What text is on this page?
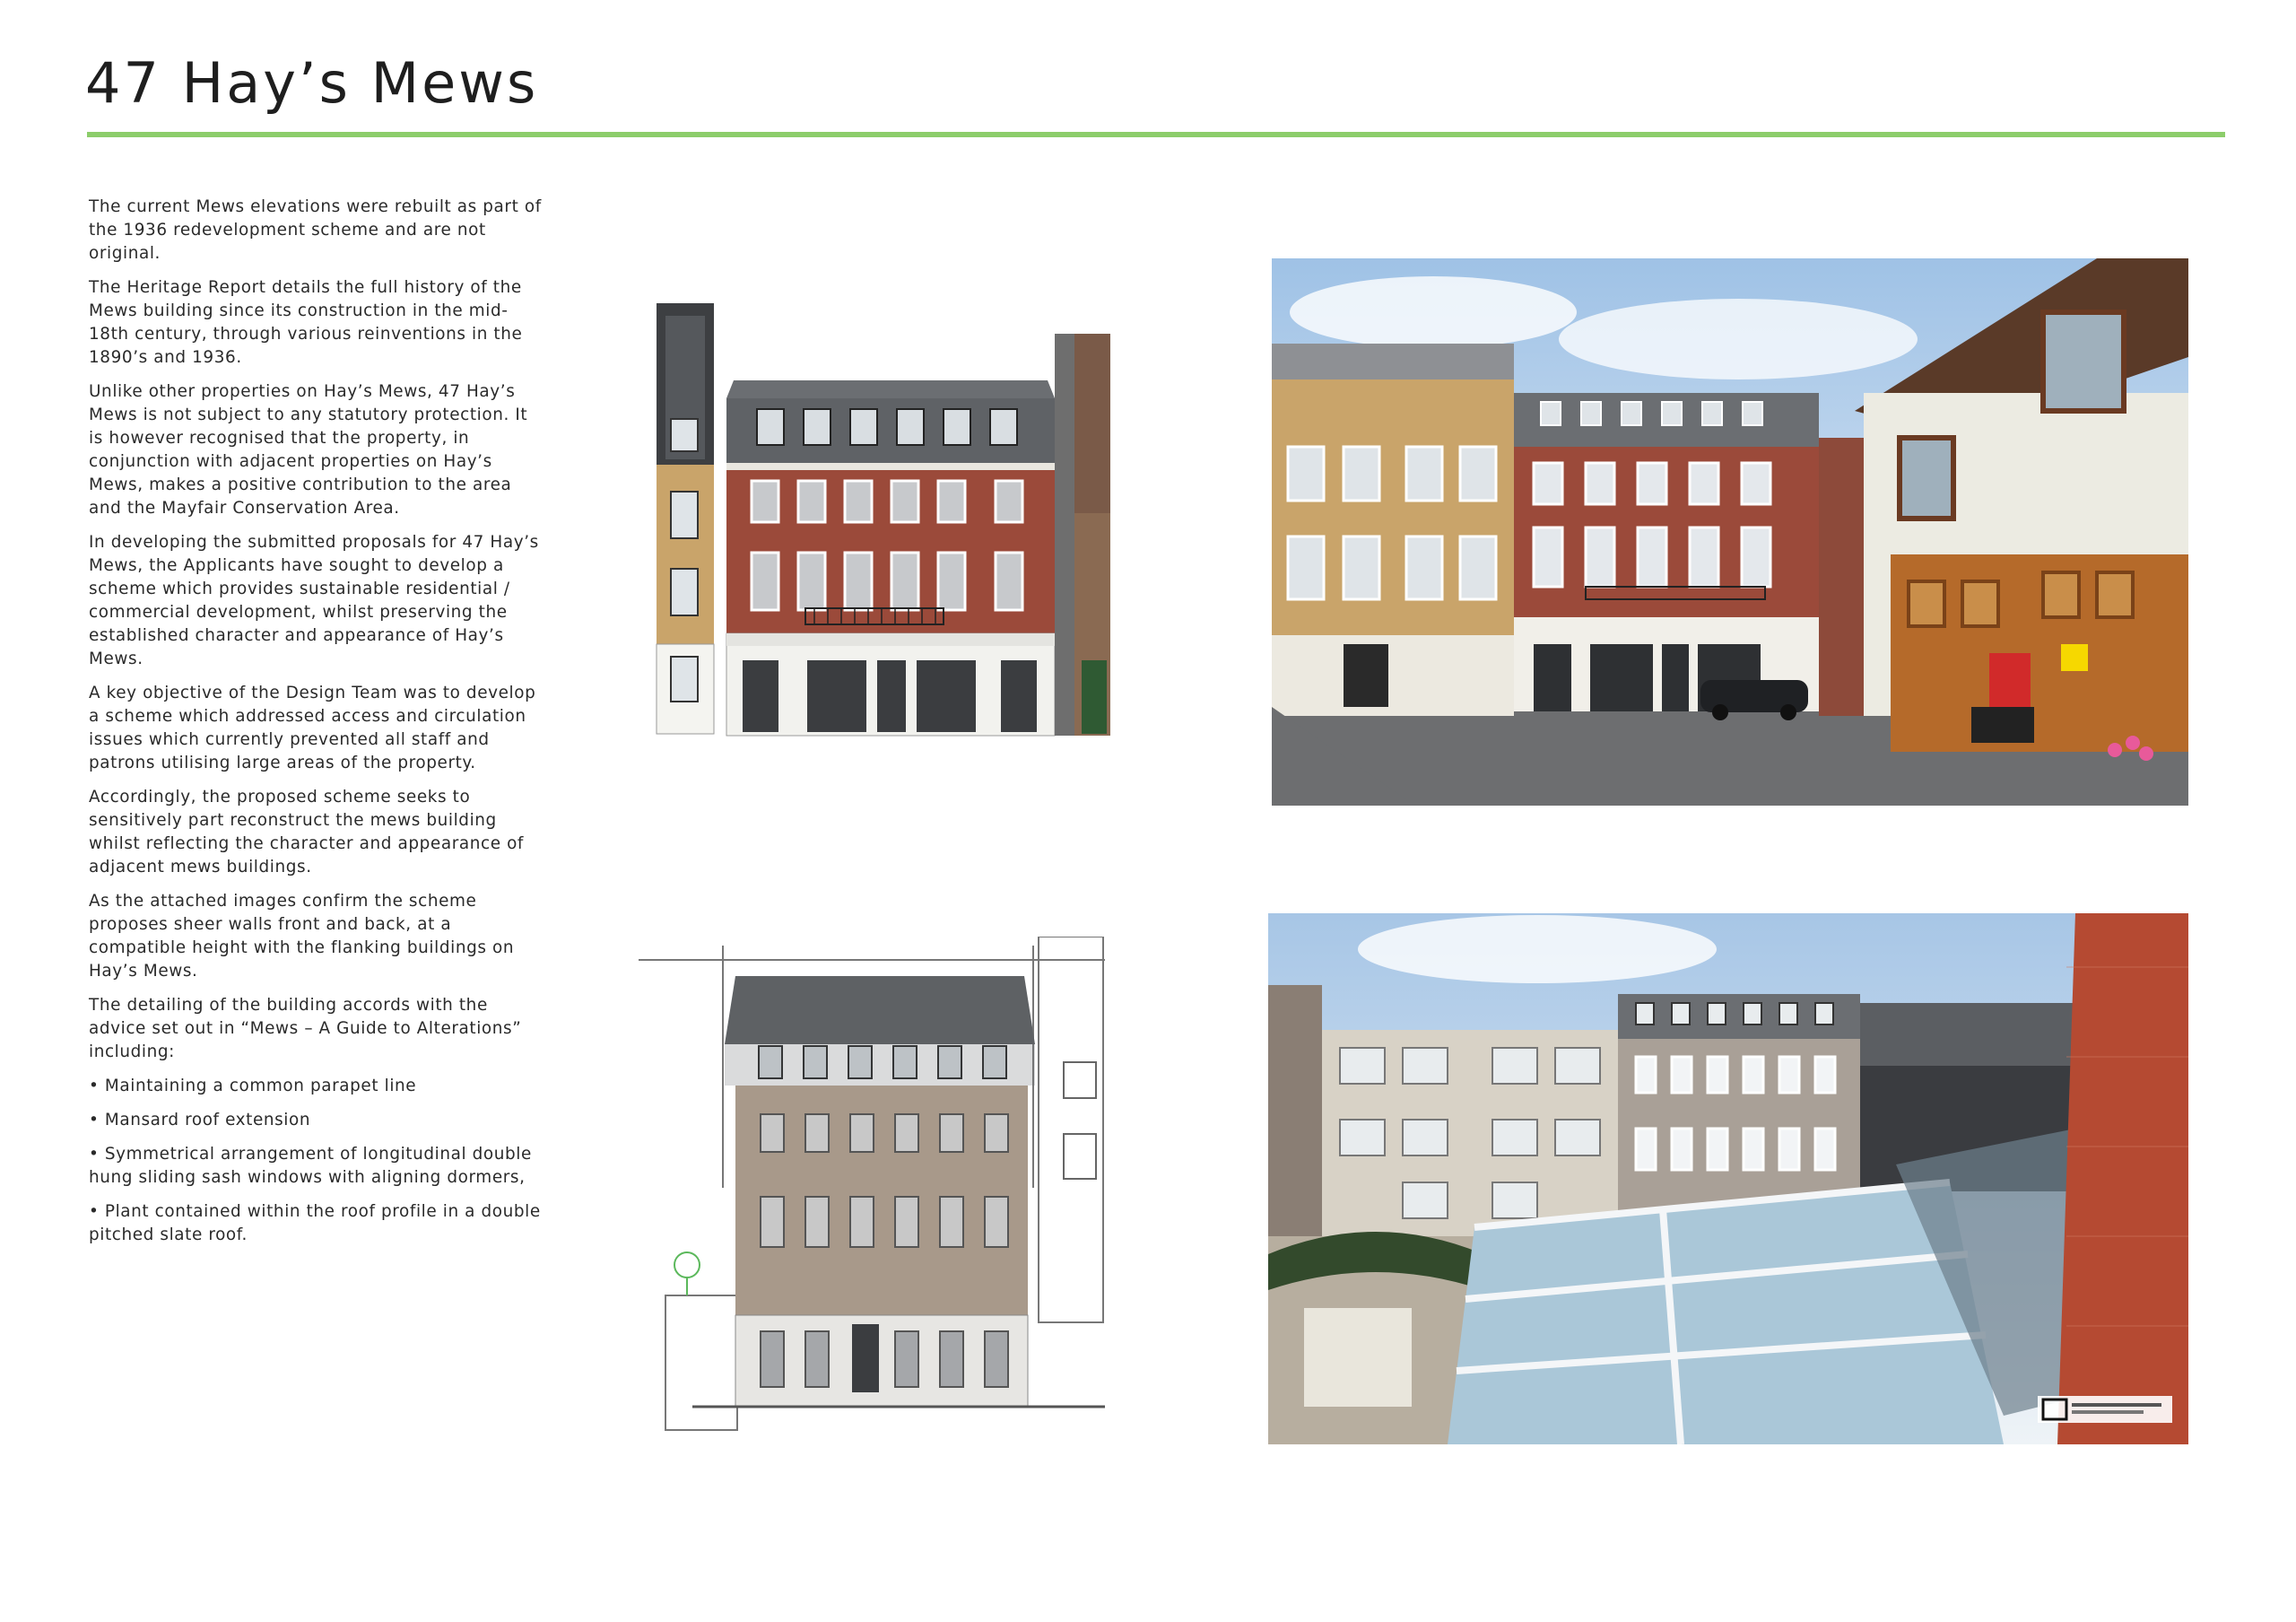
47 Hay’s Mews

The current Mews elevations were rebuilt as part of the 1936 redevelopment scheme and are not original.

The Heritage Report details the full history of the Mews building since its construction in the mid-18th century, through various reinventions in the 1890’s and 1936.

Unlike other properties on Hay’s Mews, 47 Hay’s Mews is not subject to any statutory protection. It is however recognised that the property, in conjunction with adjacent properties on Hay’s Mews, makes a positive contribution to the area and the Mayfair Conservation Area.

In developing the submitted proposals for 47 Hay’s Mews, the Applicants have sought to develop a scheme which provides sustainable residential / commercial development, whilst preserving the established character and appearance of Hay’s Mews.

A key objective of the Design Team was to develop a scheme which addressed access and circulation issues which currently prevented all staff and patrons utilising large areas of the property.

Accordingly, the proposed scheme seeks to sensitively part reconstruct the mews building whilst reflecting the character and appearance of adjacent mews buildings.

As the attached images confirm the scheme proposes sheer walls front and back, at a compatible height with the flanking buildings on Hay’s Mews.

The detailing of the building accords with the advice set out in “Mews – A Guide to Alterations” including:

• Maintaining a common parapet line

• Mansard roof extension

• Symmetrical arrangement of longitudinal double hung sliding sash windows with aligning dormers,

• Plant contained within the roof profile in a double pitched slate roof.
